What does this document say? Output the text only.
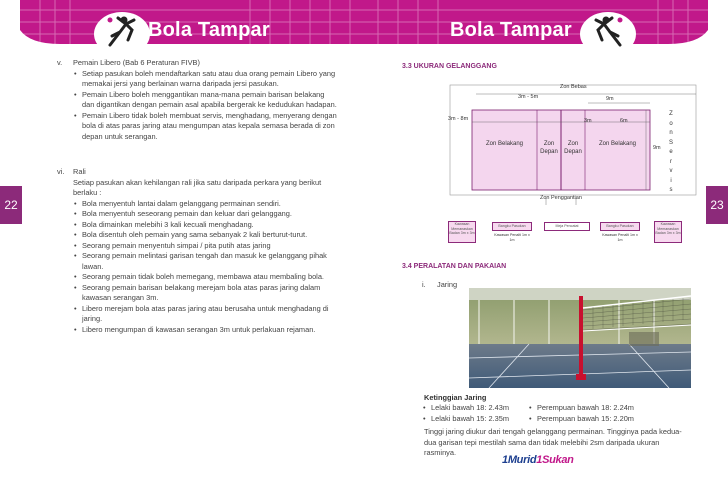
Bola Tampar
22
v.	Pemain Libero (Bab 6 Peraturan FIVB)
• Setiap pasukan boleh mendaftarkan satu atau dua orang pemain Libero yang memakai jersi yang berlainan warna daripada jersi pasukan.
• Pemain Libero boleh menggantikan mana-mana pemain barisan belakang dan digantikan dengan pemain asal apabila bergerak ke kedudukan hadapan.
• Pemain Libero tidak boleh membuat servis, menghadang, menyerang dengan bola di atas paras jaring atau mengumpan atas kepala semasa berada di zon depan untuk serangan.
vi.	Rali
Setiap pasukan akan kehilangan rali jika satu daripada perkara yang berikut berlaku :
• Bola menyentuh lantai dalam gelanggang permainan sendiri.
• Bola menyentuh seseorang pemain dan keluar dari gelanggang.
• Bola dimainkan melebihi 3 kali kecuali menghadang.
• Bola disentuh oleh pemain yang sama sebanyak 2 kali berturut-turut.
• Seorang pemain menyentuh simpai / pita putih atas jaring
• Seorang pemain melintasi garisan tengah dan masuk ke gelanggang pihak lawan.
• Seorang pemain tidak boleh memegang, membawa atau membaling bola.
• Seorang pemain barisan belakang merejam bola atas paras jaring dalam kawasan serangan 3m.
• Libero merejam bola atas paras jaring atau berusaha untuk menghadang di jaring.
• Libero mengumpan di kawasan serangan 3m untuk perlakuan rejaman.
Bola Tampar
23
3.3 UKURAN GELANGGANG
Zon Bebas
3m - 5m	9m
3m - 8m	3m	6m
9m
Zon Servis
Zon Belakang	Zon Depan
Zon Depan
Zon Belakang
Zon Penggantian
Kawasan Memanaskan Badan 3m x 3m
Bangku Pasukan
Kawasan Penalti 1m x 1m
Meja Pencatat	Bangku Pasukan
Kawasan Penalti 1m x 1m
Kawasan Memanaskan Badan 3m x 3m
3.4 PERALATAN DAN PAKAIAN
i. Jaring
Ketinggian Jaring
• Lelaki bawah 18: 2.43m
• Lelaki bawah 15: 2.35m
• Perempuan bawah 18: 2.24m
• Perempuan bawah 15: 2.20m
Tinggi jaring diukur dari tengah gelanggang permainan. Tingginya pada kedua-dua garisan tepi mestilah sama dan tidak melebihi 2sm daripada ukuran rasminya.
1Murid1Sukan
